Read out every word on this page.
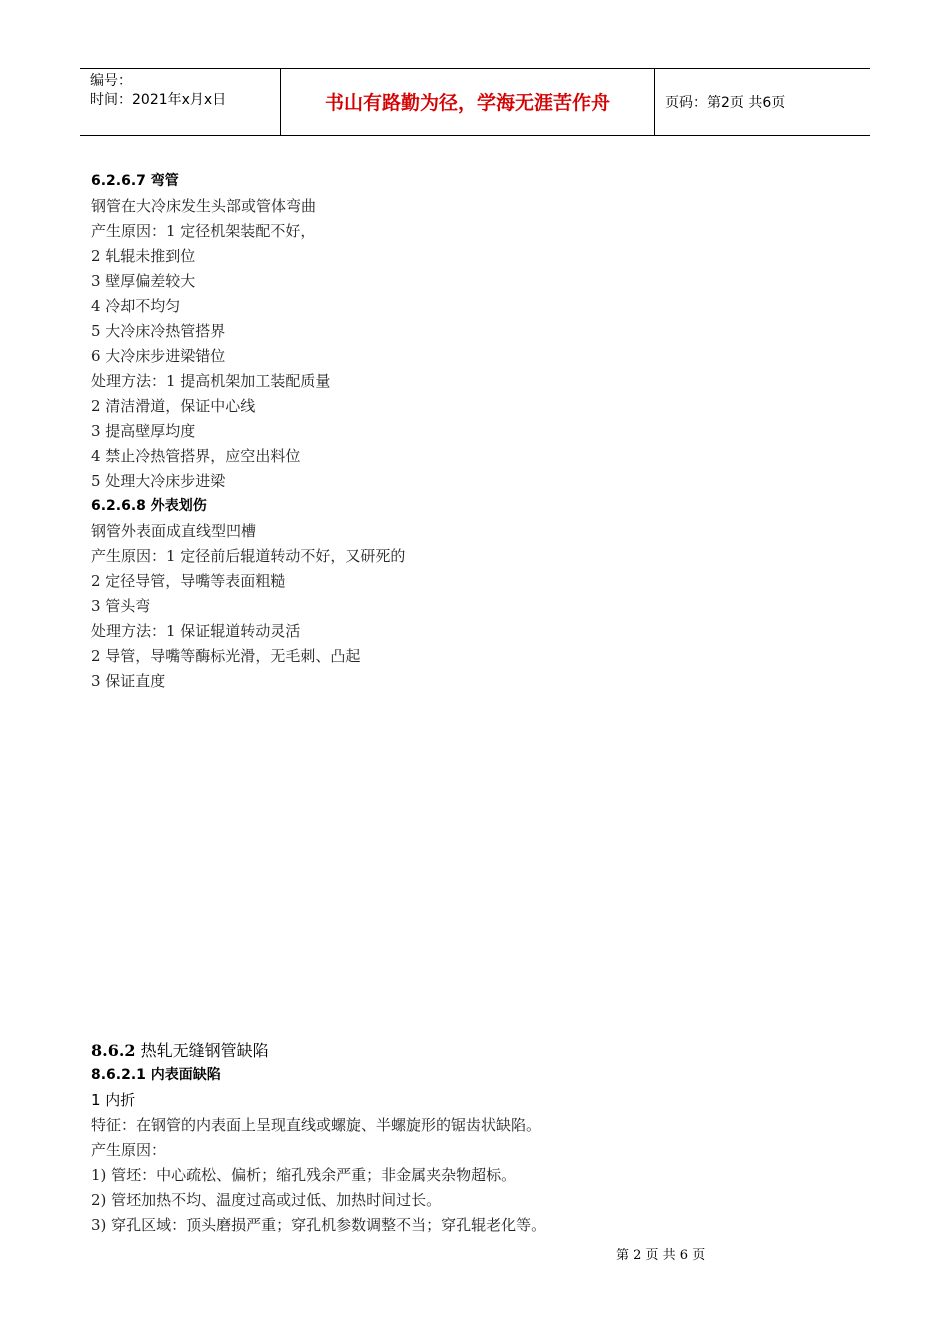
编号：
时间：2021年x月x日	书山有路勤为径，学海无涯苦作舟	页码：第2页 共6页
6.2.6.7 弯管
钢管在大冷床发生头部或管体弯曲
产生原因：1 定径机架装配不好，
2 轧辊未推到位
3 壁厚偏差较大
4 冷却不均匀
5 大冷床冷热管搭界
6 大冷床步进梁错位
处理方法：1 提高机架加工装配质量
2 清洁滑道，保证中心线
3 提高壁厚均度
4 禁止冷热管搭界，应空出料位
5 处理大冷床步进梁
6.2.6.8 外表划伤
钢管外表面成直线型凹槽
产生原因：1 定径前后辊道转动不好，又研死的
2 定径导管，导嘴等表面粗糙
3 管头弯
处理方法：1 保证辊道转动灵活
2 导管，导嘴等酶标光滑，无毛刺、凸起
3 保证直度
8.6.2 热轧无缝钢管缺陷
8.6.2.1 内表面缺陷
1 内折
特征：在钢管的内表面上呈现直线或螺旋、半螺旋形的锯齿状缺陷。
产生原因：
1) 管坯：中心疏松、偏析；缩孔残余严重；非金属夹杂物超标。
2) 管坯加热不均、温度过高或过低、加热时间过长。
3) 穿孔区域：顶头磨损严重；穿孔机参数调整不当；穿孔辊老化等。
第 2 页 共 6 页
